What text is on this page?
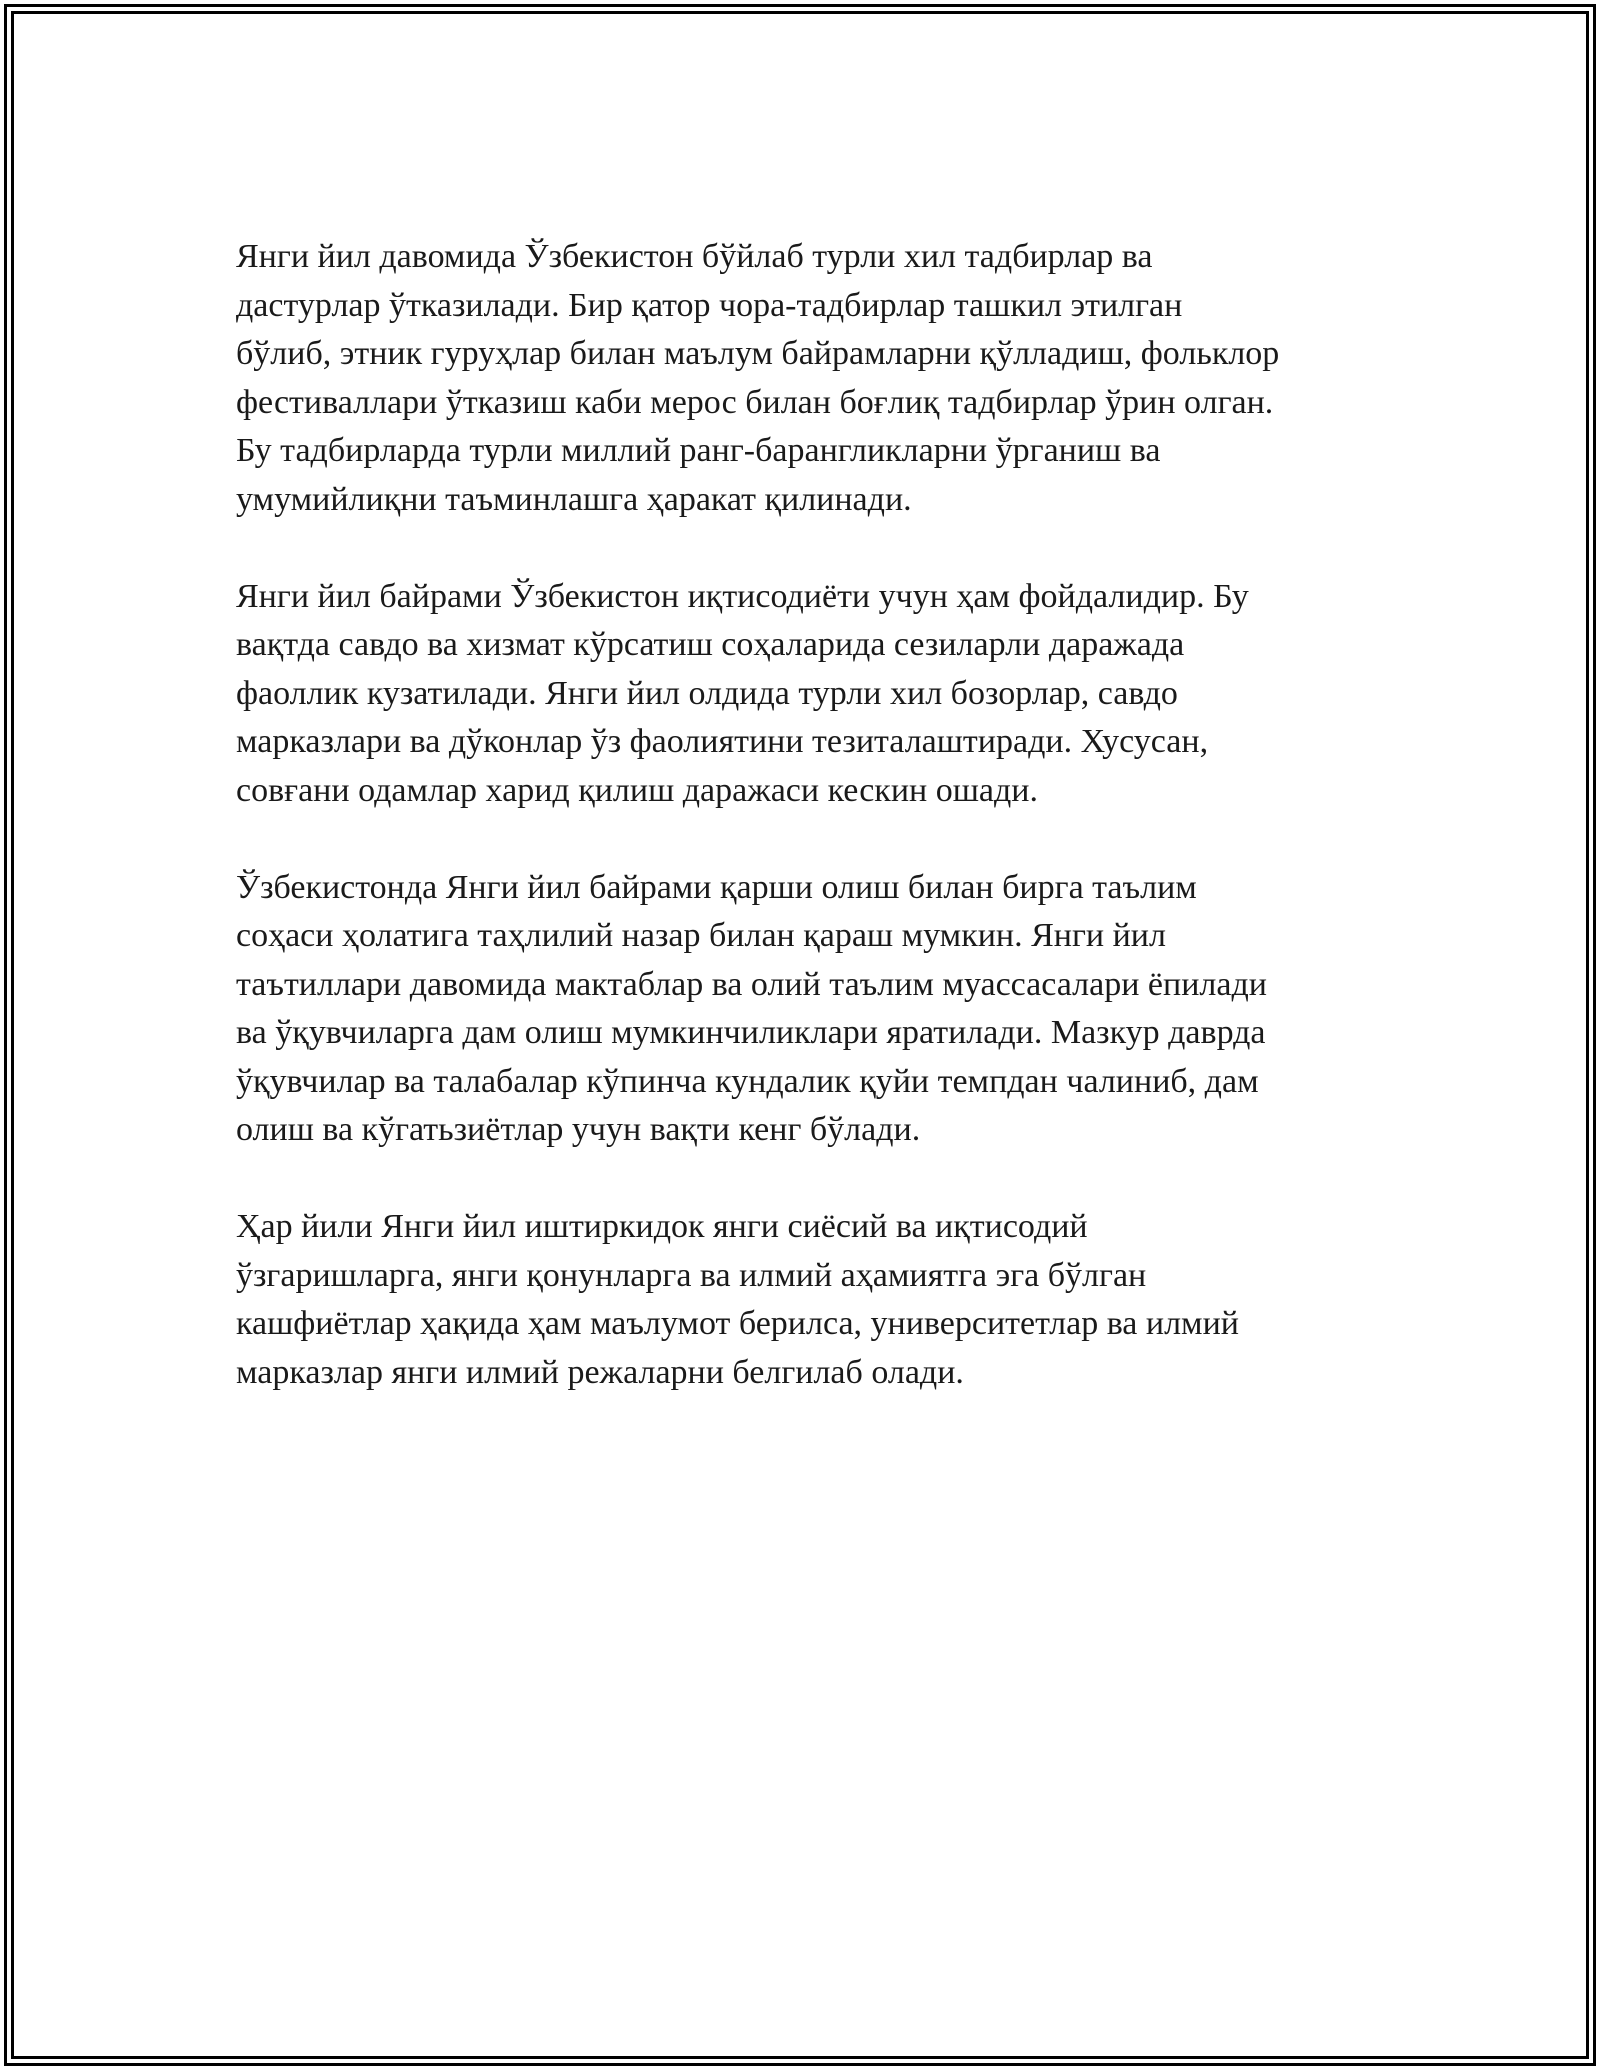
Янги йил давомида Ўзбекистон бўйлаб турли хил тадбирлар ва
дастурлар ўтказилади. Бир қатор чора-тадбирлар ташкил этилган
бўлиб, этник гуруҳлар билан маълум байрамларни қўлладиш, фольклор
фестиваллари ўтказиш каби мерос билан боғлиқ тадбирлар ўрин олган.
Бу тадбирларда турли миллий ранг-барангликларни ўрганиш ва
умумийлиқни таъминлашга ҳаракат қилинади.

Янги йил байрами Ўзбекистон иқтисодиёти учун ҳам фойдалидир. Бу
вақтда савдо ва хизмат кўрсатиш соҳаларида сезиларли даражада
фаоллик кузатилади. Янги йил олдида турли хил бозорлар, савдо
марказлари ва дўконлар ўз фаолиятини тезиталаштиради. Хусусан,
совғани одамлар харид қилиш даражаси кескин ошади.

Ўзбекистонда Янги йил байрами қарши олиш билан бирга таълим
соҳаси ҳолатига таҳлилий назар билан қараш мумкин. Янги йил
таътиллари давомида мактаблар ва олий таълим муассасалари ёпилади
ва ўқувчиларга дам олиш мумкинчиликлари яратилади. Мазкур даврда
ўқувчилар ва талабалар кўпинча кундалик қуйи темпдан чалиниб, дам
олиш ва кўгатьзиётлар учун вақти кенг бўлади.

Ҳар йили Янги йил иштиркидок янги сиёсий ва иқтисодий
ўзгаришларга, янги қонунларга ва илмий аҳамиятга эга бўлган
кашфиётлар ҳақида ҳам маълумот берилса, университетлар ва илмий
марказлар янги илмий режаларни белгилаб олади.
